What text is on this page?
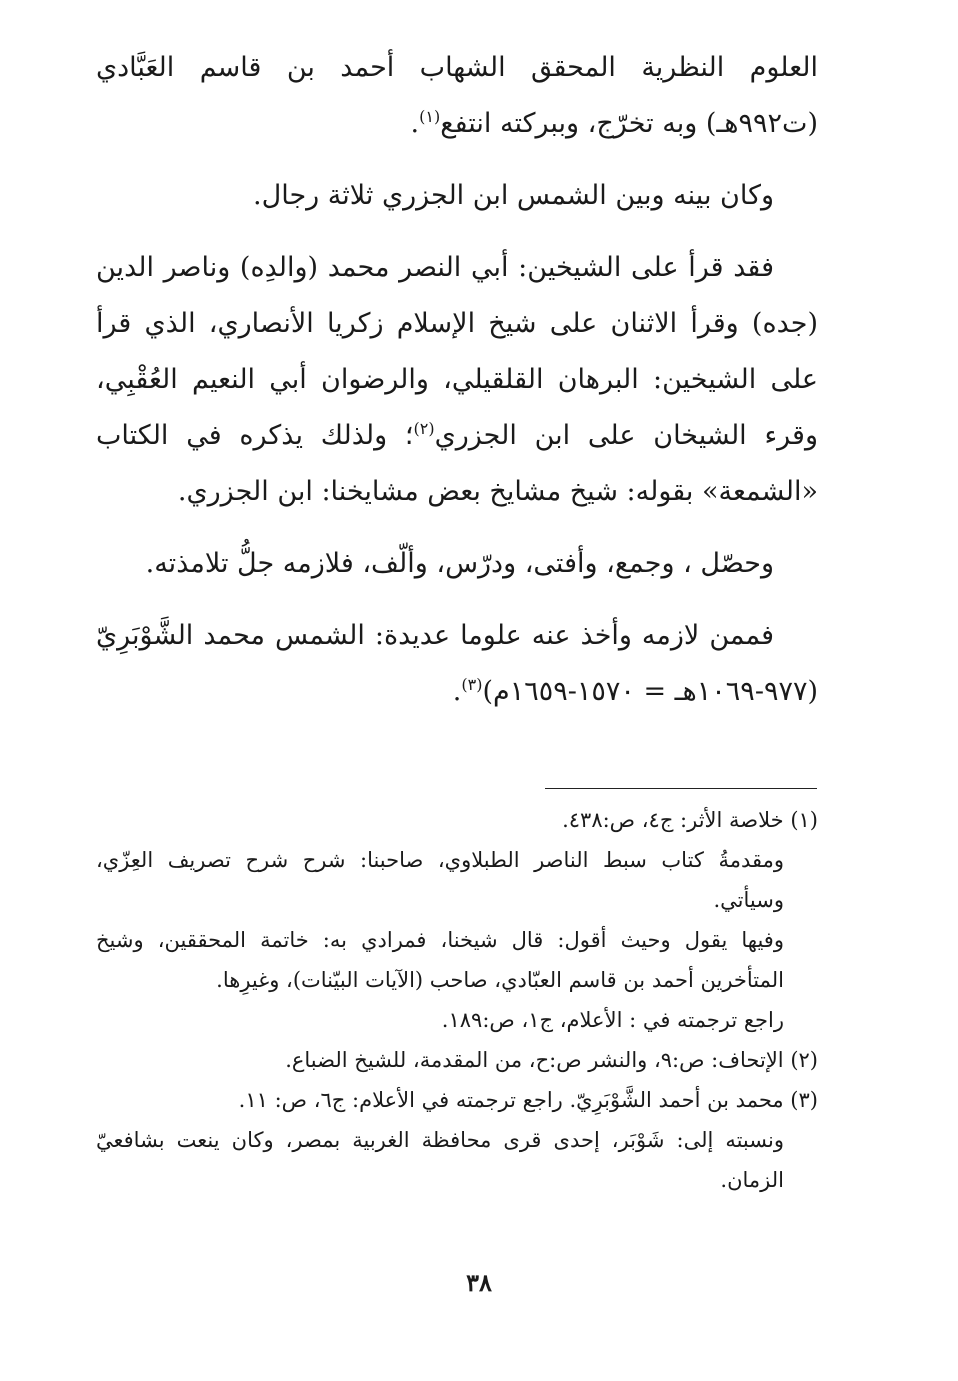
العلوم النظرية المحقق الشهاب أحمد بن قاسم العَبَّادي (ت٩٩٢هـ) وبه تخرّج، وببركته انتفع$^{(١)}$.

وكان بينه وبين الشمس ابن الجزري ثلاثة رجال.

فقد قرأ على الشيخين: أبي النصر محمد (والدِه) وناصر الدين (جده) وقرأ الاثنان على شيخ الإسلام زكريا الأنصاري، الذي قرأ على الشيخين: البرهان القلقيلي، والرضوان أبي النعيم العُقْبِي، وقرء الشيخان على ابن الجزري$^{(٢)}$؛ ولذلك يذكره في الكتاب «الشمعة» بقوله: شيخ مشايخ بعض مشايخنا: ابن الجزري.

وحصّل ، وجمع، وأفتى، ودرّس، وألّف، فلازمه جلُّ تلامذته.

فممن لازمه وأخذ عنه علوما عديدة: الشمس محمد الشَّوْبَرِيّ (٩٧٧-١٠٦٩هـ = ١٥٧٠-١٦٥٩م)$^{(٣)}$.

(١) خلاصة الأثر: ج٤، ص:٤٣٨.

ومقدمةُ كتاب سبط الناصر الطبلاوي، صاحبنا: شرح شرح تصريف العِزّي، وسيأتي.

وفيها يقول وحيث أقول: قال شيخنا، فمرادي به: خاتمة المحققين، وشيخ المتأخرين أحمد بن قاسم العبّادي، صاحب (الآيات البيّنات)، وغيرِها.

راجع ترجمته في : الأعلام، ج١، ص:١٨٩.

(٢) الإتحاف: ص:٩، والنشر ص:ح، من المقدمة، للشيخ الضباع.

(٣) محمد بن أحمد الشَّوْبَرِيّ. راجع ترجمته في الأعلام: ج٦، ص: ١١.

ونسبته إلى: شَوْبَر، إحدى قرى محافظة الغربية بمصر، وكان ينعت بشافعيّ الزمان.

٣٨
